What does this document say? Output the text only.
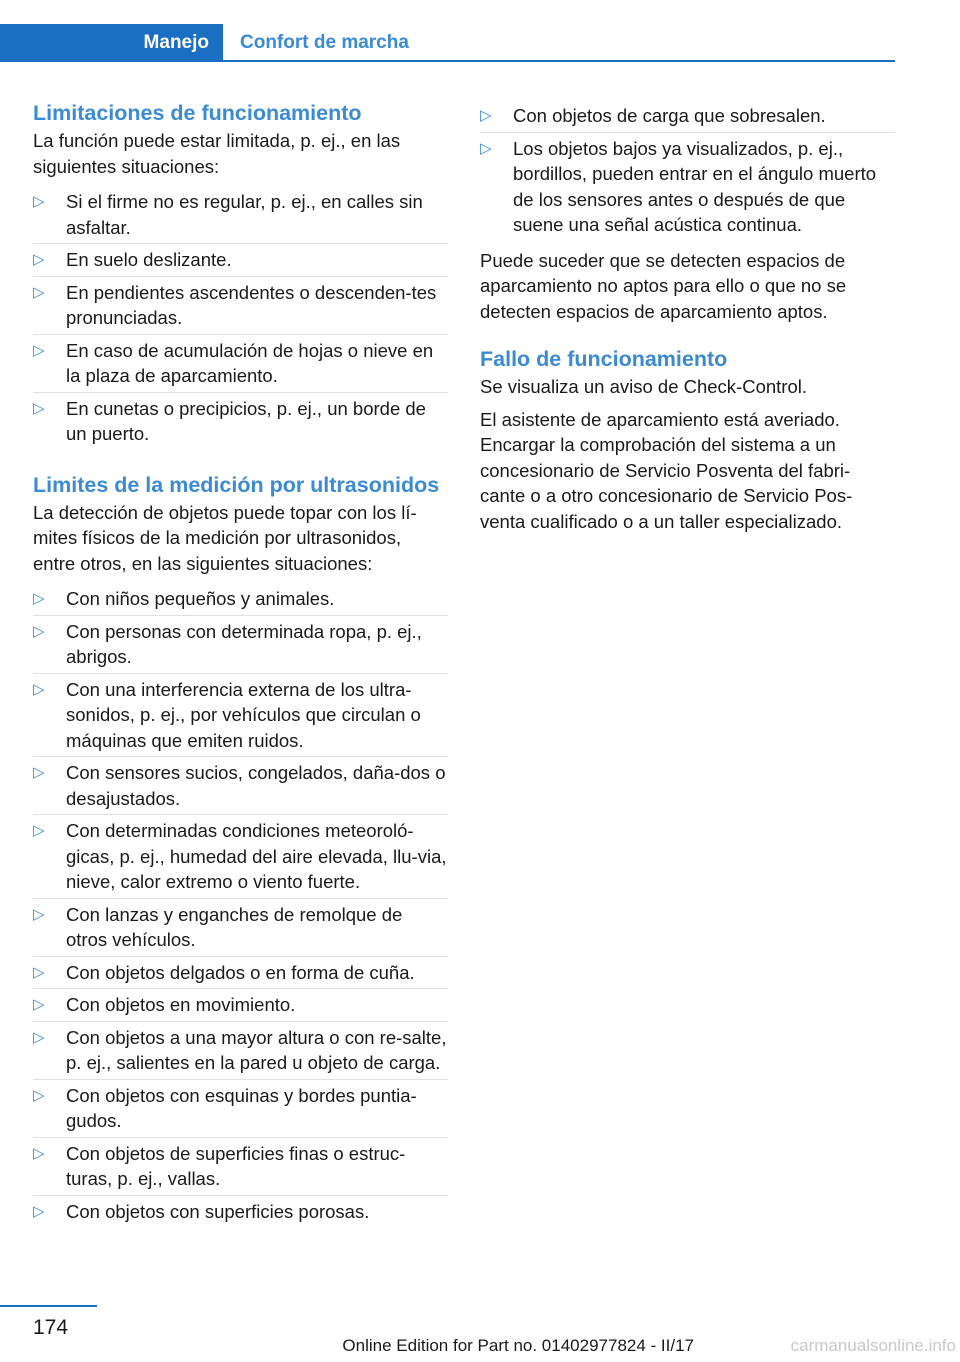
Manejo	Confort de marcha
Limitaciones de funcionamiento

La función puede estar limitada, p. ej., en las siguientes situaciones:

▷ Si el firme no es regular, p. ej., en calles sin asfaltar.
▷ En suelo deslizante.
▷ En pendientes ascendentes o descenden‐tes pronunciadas.
▷ En caso de acumulación de hojas o nieve en la plaza de aparcamiento.
▷ En cunetas o precipicios, p. ej., un borde de un puerto.
Limites de la medición por ultrasonidos

La detección de objetos puede topar con los lí‐mites físicos de la medición por ultrasonidos, entre otros, en las siguientes situaciones:

▷ Con niños pequeños y animales.
▷ Con personas con determinada ropa, p. ej., abrigos.
▷ Con una interferencia externa de los ultra‐sonidos, p. ej., por vehículos que circulan o máquinas que emiten ruidos.
▷ Con sensores sucios, congelados, daña‐dos o desajustados.
▷ Con determinadas condiciones meteoroló‐gicas, p. ej., humedad del aire elevada, llu‐via, nieve, calor extremo o viento fuerte.
▷ Con lanzas y enganches de remolque de otros vehículos.
▷ Con objetos delgados o en forma de cuña.
▷ Con objetos en movimiento.
▷ Con objetos a una mayor altura o con re‐salte, p. ej., salientes en la pared u objeto de carga.
▷ Con objetos con esquinas y bordes puntia‐gudos.
▷ Con objetos de superficies finas o estruc‐turas, p. ej., vallas.
▷ Con objetos con superficies porosas.
▷ Con objetos de carga que sobresalen.
▷ Los objetos bajos ya visualizados, p. ej., bordillos, pueden entrar en el ángulo muerto de los sensores antes o después de que suene una señal acústica continua.

Puede suceder que se detecten espacios de aparcamiento no aptos para ello o que no se detecten espacios de aparcamiento aptos.

Fallo de funcionamiento

Se visualiza un aviso de Check-Control.

El asistente de aparcamiento está averiado. Encargar la comprobación del sistema a un concesionario de Servicio Posventa del fabri‐cante o a otro concesionario de Servicio Pos‐venta cualificado o a un taller especializado.

174
Online Edition for Part no. 01402977824 - II/17	carmanualsonline.info
